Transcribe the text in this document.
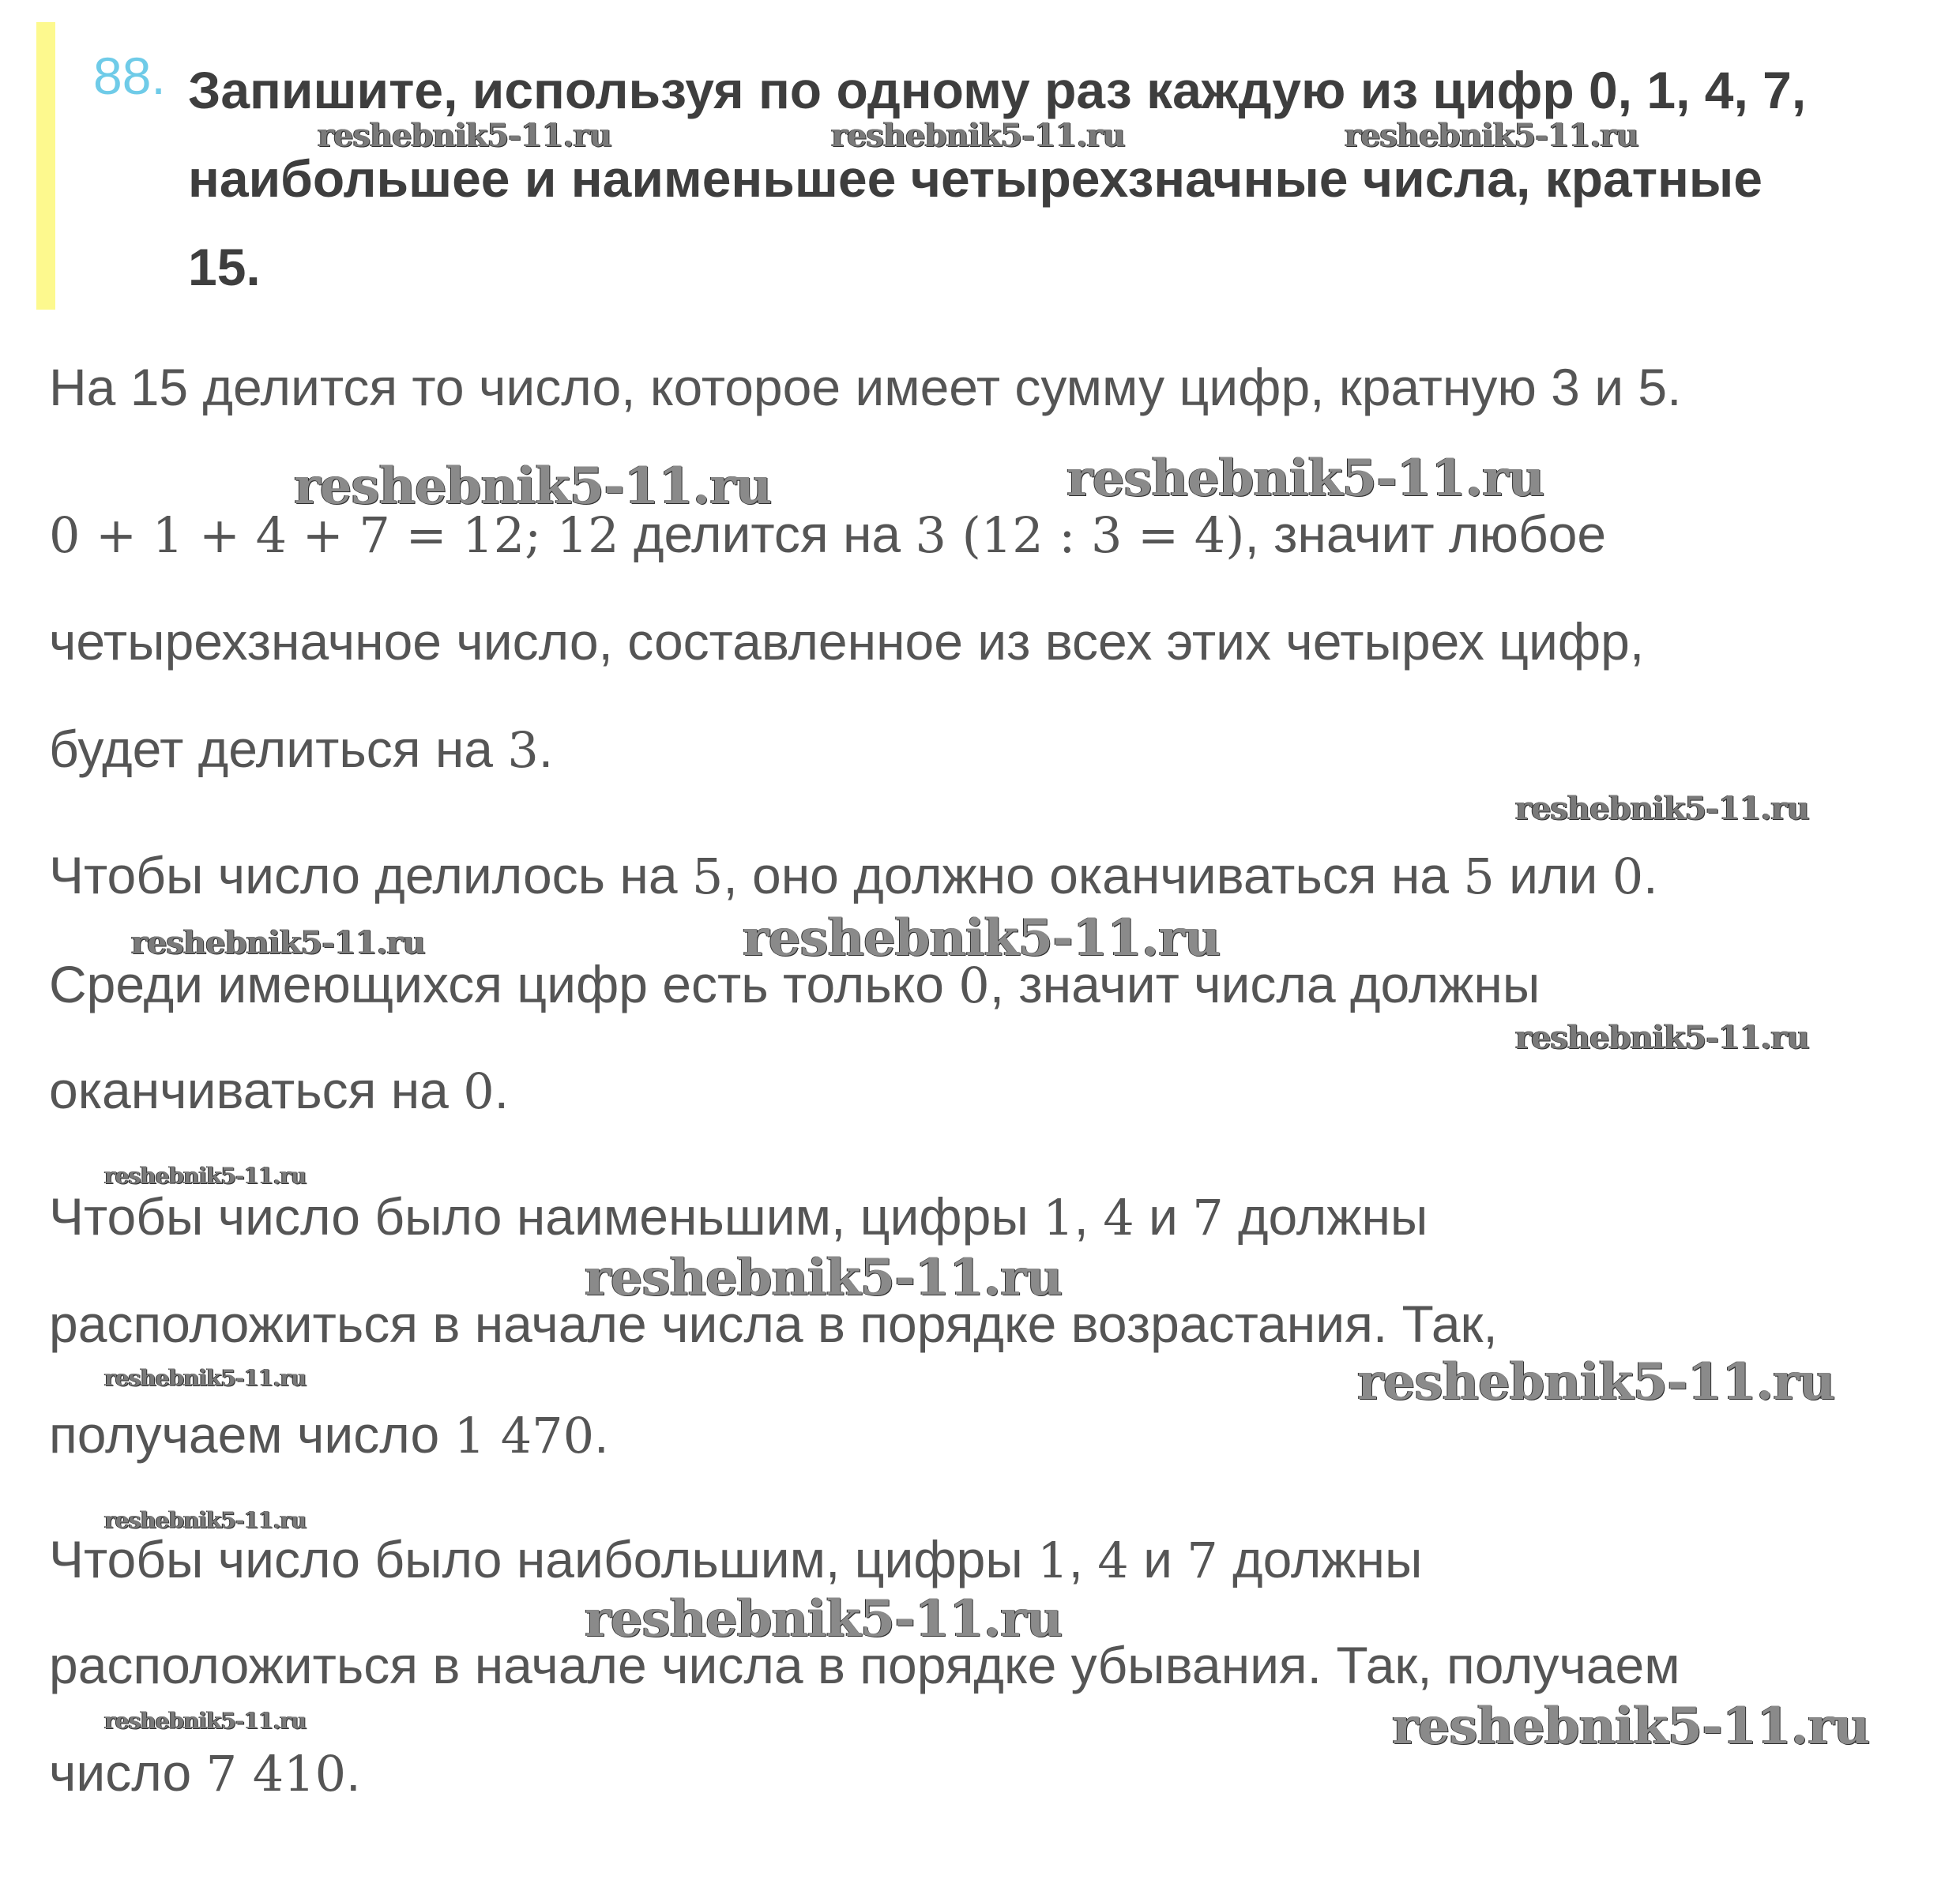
88. Запишите, используя по одному раз каждую из цифр 0, 1, 4, 7,
наибольшее и наименьшее четырехзначные числа, кратные
15.
reshebnik5-11.ru	reshebnik5-11.ru	reshebnik5-11.ru
На 15 делится то число, которое имеет сумму цифр, кратную 3 и 5.
reshebnik5-11.ru	reshebnik5-11.ru
0 + 1 + 4 + 7 = 12; 12 делится на 3 (12 : 3 = 4), значит любое
четырехзначное число, составленное из всех этих четырех цифр,
будет делиться на 3.
reshebnik5-11.ru
Чтобы число делилось на 5, оно должно оканчиваться на 5 или 0.
reshebnik5-11.ru	reshebnik5-11.ru
Среди имеющихся цифр есть только 0, значит числа должны
reshebnik5-11.ru
оканчиваться на 0.
reshebnik5-11.ru
Чтобы число было наименьшим, цифры 1, 4 и 7 должны
reshebnik5-11.ru
расположиться в начале числа в порядке возрастания. Так,
reshebnik5-11.ru	reshebnik5-11.ru
получаем число 1 470.
reshebnik5-11.ru
Чтобы число было наибольшим, цифры 1, 4 и 7 должны
reshebnik5-11.ru
расположиться в начале числа в порядке убывания. Так, получаем
reshebnik5-11.ru	reshebnik5-11.ru
число 7 410.
